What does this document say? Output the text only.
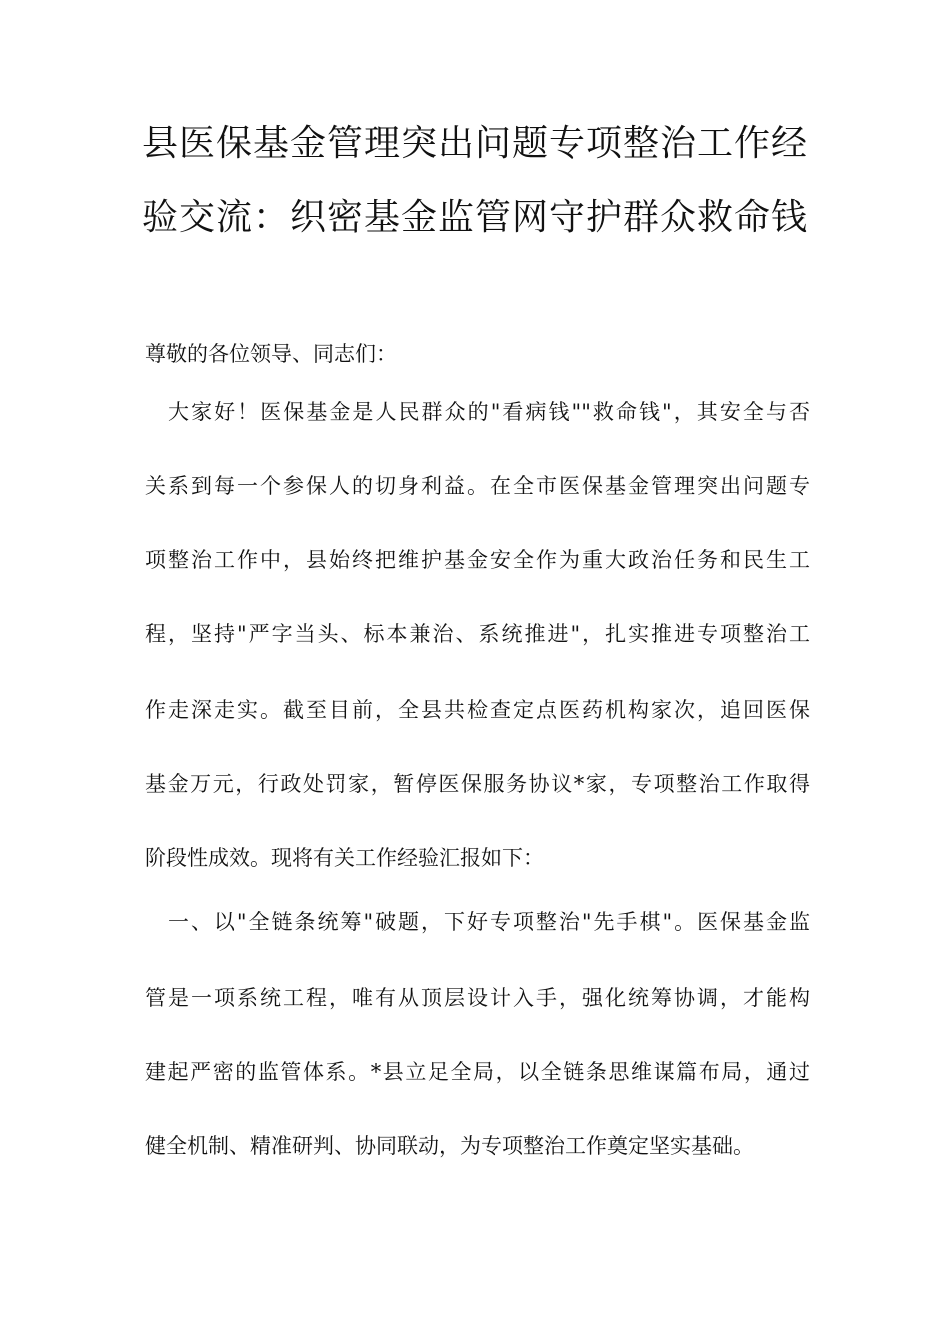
县医保基金管理突出问题专项整治工作经
验交流：织密基金监管网守护群众救命钱
尊敬的各位领导、同志们：
　大家好！医保基金是人民群众的"看病钱""救命钱"，其安全与否
关系到每一个参保人的切身利益。在全市医保基金管理突出问题专
项整治工作中，县始终把维护基金安全作为重大政治任务和民生工
程，坚持"严字当头、标本兼治、系统推进"，扎实推进专项整治工
作走深走实。截至目前，全县共检查定点医药机构家次，追回医保
基金万元，行政处罚家，暂停医保服务协议*家，专项整治工作取得
阶段性成效。现将有关工作经验汇报如下：
　一、以"全链条统筹"破题，下好专项整治"先手棋"。医保基金监
管是一项系统工程，唯有从顶层设计入手，强化统筹协调，才能构
建起严密的监管体系。*县立足全局，以全链条思维谋篇布局，通过
健全机制、精准研判、协同联动，为专项整治工作奠定坚实基础。
